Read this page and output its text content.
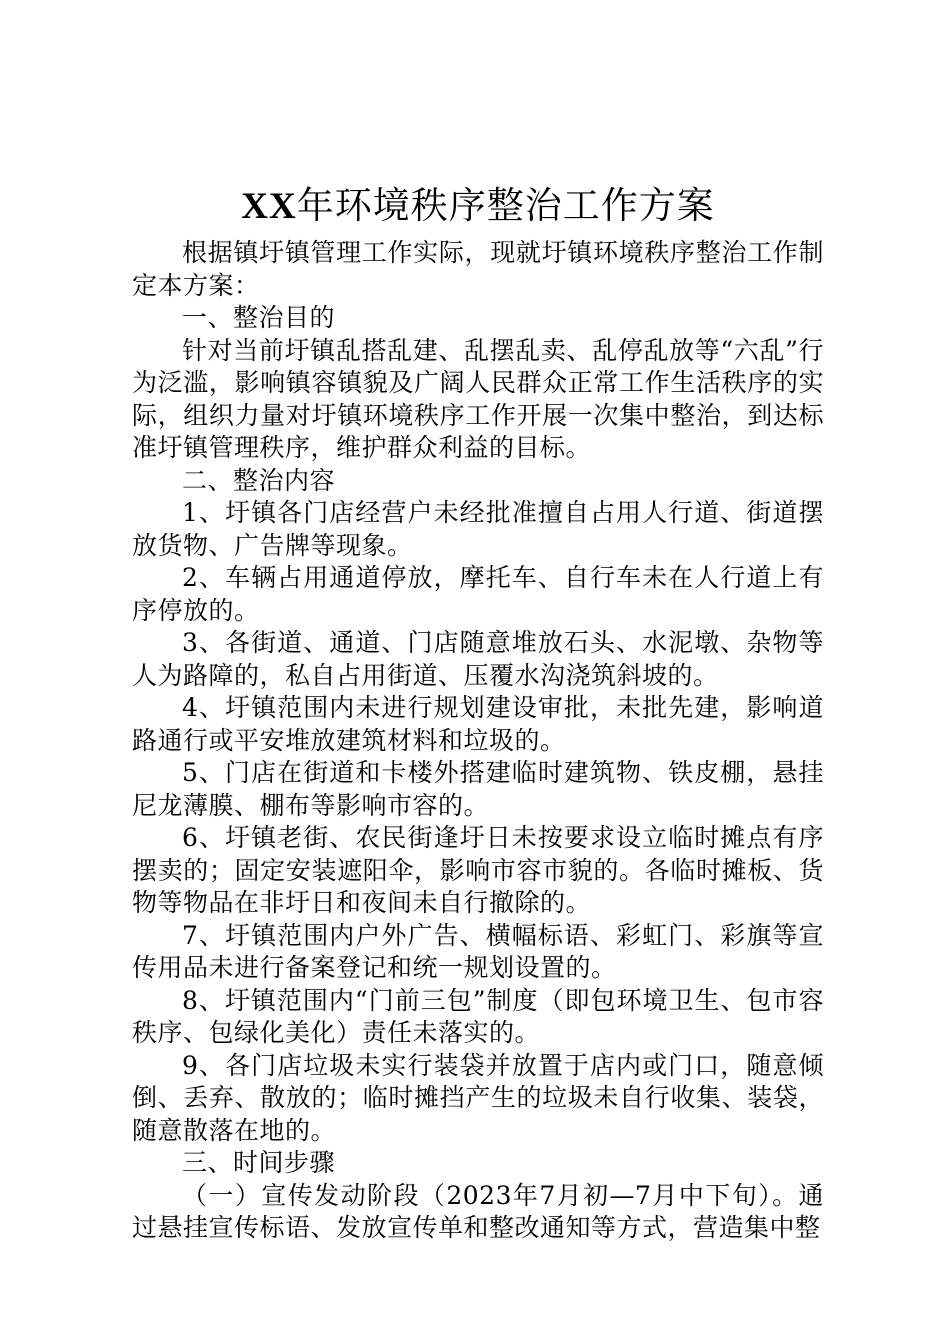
XX年环境秩序整治工作方案

根据镇圩镇管理工作实际，现就圩镇环境秩序整治工作制定本方案：

一、整治目的

针对当前圩镇乱搭乱建、乱摆乱卖、乱停乱放等“六乱”行为泛滥，影响镇容镇貌及广阔人民群众正常工作生活秩序的实际，组织力量对圩镇环境秩序工作开展一次集中整治，到达标准圩镇管理秩序，维护群众利益的目标。

二、整治内容

1、圩镇各门店经营户未经批准擅自占用人行道、街道摆放货物、广告牌等现象。

2、车辆占用通道停放，摩托车、自行车未在人行道上有序停放的。

3、各街道、通道、门店随意堆放石头、水泥墩、杂物等人为路障的，私自占用街道、压覆水沟浇筑斜坡的。

4、圩镇范围内未进行规划建设审批，未批先建，影响道路通行或平安堆放建筑材料和垃圾的。

5、门店在街道和卡楼外搭建临时建筑物、铁皮棚，悬挂尼龙薄膜、棚布等影响市容的。

6、圩镇老街、农民街逢圩日未按要求设立临时摊点有序摆卖的；固定安装遮阳伞，影响市容市貌的。各临时摊板、货物等物品在非圩日和夜间未自行撤除的。

7、圩镇范围内户外广告、横幅标语、彩虹门、彩旗等宣传用品未进行备案登记和统一规划设置的。

8、圩镇范围内“门前三包”制度（即包环境卫生、包市容秩序、包绿化美化）责任未落实的。

9、各门店垃圾未实行装袋并放置于店内或门口，随意倾倒、丢弃、散放的；临时摊挡产生的垃圾未自行收集、装袋，随意散落在地的。

三、时间步骤

（一）宣传发动阶段（2023年7月初—7月中下旬）。通过悬挂宣传标语、发放宣传单和整改通知等方式，营造集中整
